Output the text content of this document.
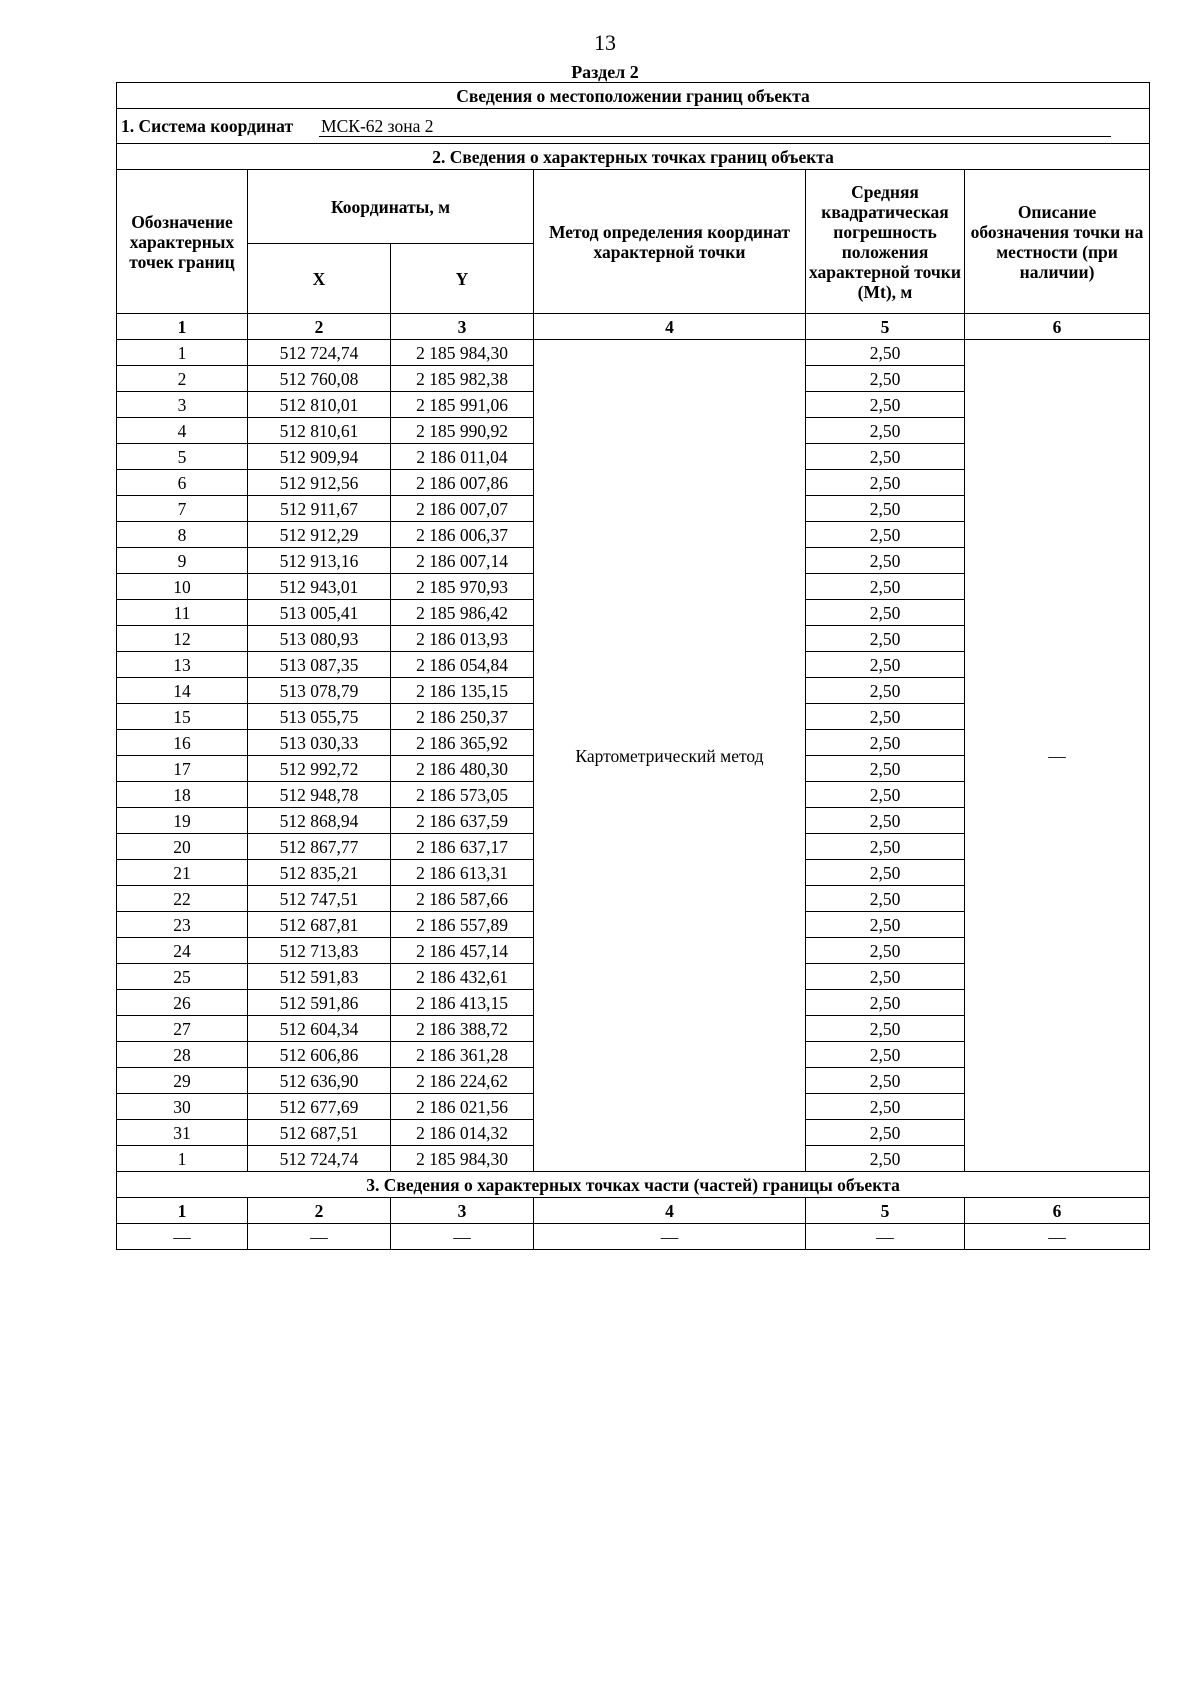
13
Раздел 2
Сведения о местоположении границ объекта					

1. Система координат МСК-62 зона 2					

2. Сведения о характерных точках границ объекта					
Обозначение характерных точек границ	Координаты, м		Метод определения координат характерной точки	Средняя квадратическая погрешность положения характерной точки (Mt), м	Описание обозначения точки на местности (при наличии)
	X	Y			
1	2	3	4	5	6
1	512 724,74	2 185 984,30	Картометрический метод	2,50	—
2	512 760,08	2 185 982,38		2,50	
3	512 810,01	2 185 991,06		2,50	
4	512 810,61	2 185 990,92		2,50	
5	512 909,94	2 186 011,04		2,50	
6	512 912,56	2 186 007,86		2,50	
7	512 911,67	2 186 007,07		2,50	
8	512 912,29	2 186 006,37		2,50	
9	512 913,16	2 186 007,14		2,50	
10	512 943,01	2 185 970,93		2,50	
11	513 005,41	2 185 986,42		2,50	
12	513 080,93	2 186 013,93		2,50	
13	513 087,35	2 186 054,84		2,50	
14	513 078,79	2 186 135,15		2,50	
15	513 055,75	2 186 250,37		2,50	
16	513 030,33	2 186 365,92		2,50	
17	512 992,72	2 186 480,30		2,50	
18	512 948,78	2 186 573,05		2,50	
19	512 868,94	2 186 637,59		2,50	
20	512 867,77	2 186 637,17		2,50	
21	512 835,21	2 186 613,31		2,50	
22	512 747,51	2 186 587,66		2,50	
23	512 687,81	2 186 557,89		2,50	
24	512 713,83	2 186 457,14		2,50	
25	512 591,83	2 186 432,61		2,50	
26	512 591,86	2 186 413,15		2,50	
27	512 604,34	2 186 388,72		2,50	
28	512 606,86	2 186 361,28		2,50	
29	512 636,90	2 186 224,62		2,50	
30	512 677,69	2 186 021,56		2,50	
31	512 687,51	2 186 014,32		2,50	
1	512 724,74	2 185 984,30		2,50	
3. Сведения о характерных точках части (частей) границы объекта					
1	2	3	4	5	6
—	—	—	—	—	—
